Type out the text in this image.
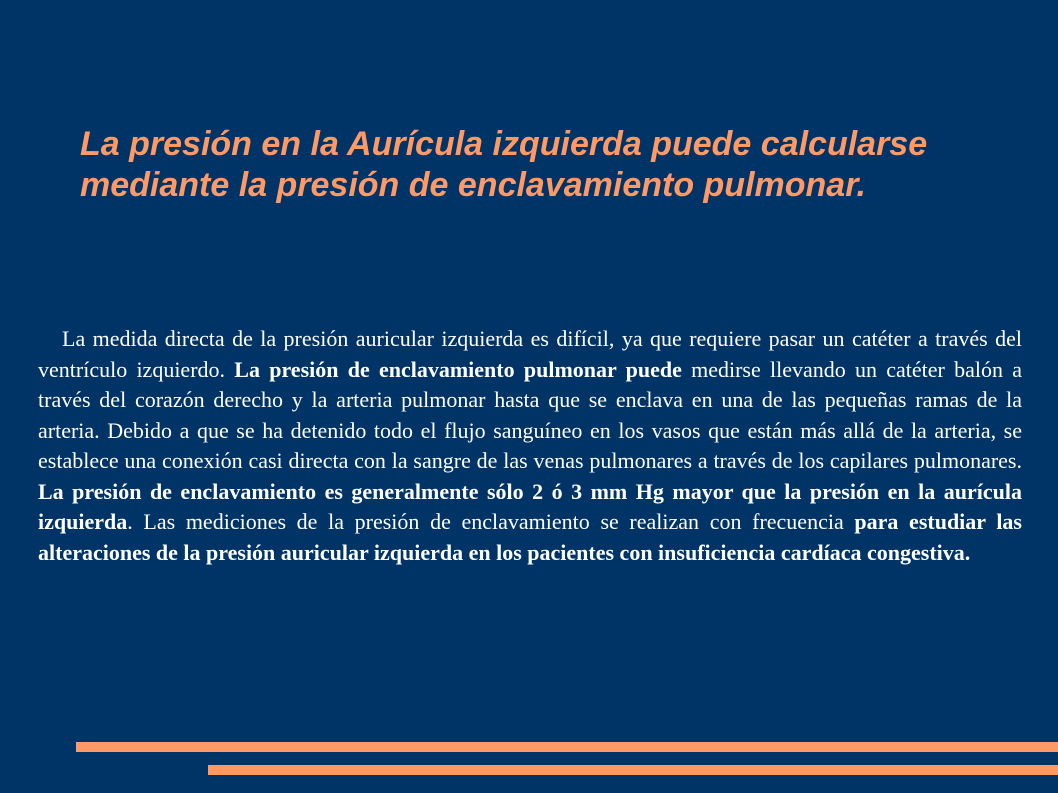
La presión en la Aurícula izquierda puede calcularse mediante la presión de enclavamiento pulmonar.

La medida directa de la presión auricular izquierda es difícil, ya que requiere pasar un catéter a través del ventrículo izquierdo. La presión de enclavamiento pulmonar puede medirse llevando un catéter balón a través del corazón derecho y la arteria pulmonar hasta que se enclava en una de las pequeñas ramas de la arteria. Debido a que se ha detenido todo el flujo sanguíneo en los vasos que están más allá de la arteria, se establece una conexión casi directa con la sangre de las venas pulmonares a través de los capilares pulmonares. La presión de enclavamiento es generalmente sólo 2 ó 3 mm Hg mayor que la presión en la aurícula izquierda. Las mediciones de la presión de enclavamiento se realizan con frecuencia para estudiar las alteraciones de la presión auricular izquierda en los pacientes con insuficiencia cardíaca congestiva.
